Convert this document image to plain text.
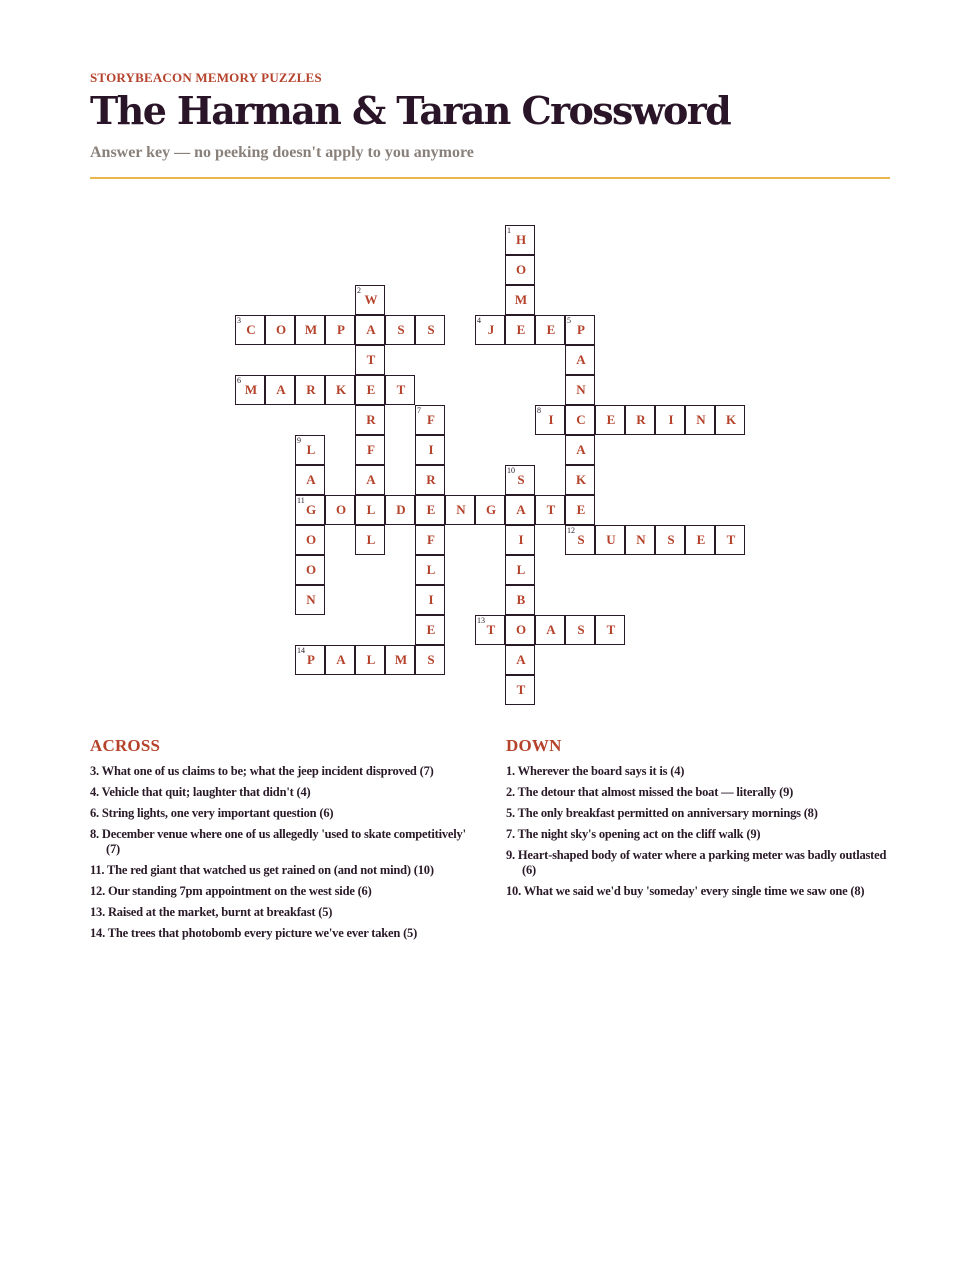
STORYBEACON MEMORY PUZZLES
The Harman & Taran Crossword
Answer key — no peeking doesn't apply to you anymore
1
H
O
M
2
W
3
C	O	M	P	A	S	S
4
J	E	E
5
P
T	A
6
M	A	R	K	E	T	N
R
7
F
8
I	C	E	R	I	N	K
9
L	F	I	A
A	A	R
10
S	K
11
G	O	L	D	E	N	G	A	T	E
O	L	F	I
12
S	U	N	S	E	T
O	L	L
N	I	B
E
13
T	O	A	S	T
14
P	A	L	M	S	A
T
ACROSS
3. What one of us claims to be; what the jeep incident disproved (7)
4. Vehicle that quit; laughter that didn't (4)
6. String lights, one very important question (6)
8. December venue where one of us allegedly 'used to skate competitively' (7)
11. The red giant that watched us get rained on (and not mind) (10)
12. Our standing 7pm appointment on the west side (6)
13. Raised at the market, burnt at breakfast (5)
14. The trees that photobomb every picture we've ever taken (5)
DOWN
1. Wherever the board says it is (4)
2. The detour that almost missed the boat — literally (9)
5. The only breakfast permitted on anniversary mornings (8)
7. The night sky's opening act on the cliff walk (9)
9. Heart-shaped body of water where a parking meter was badly outlasted (6)
10. What we said we'd buy 'someday' every single time we saw one (8)
